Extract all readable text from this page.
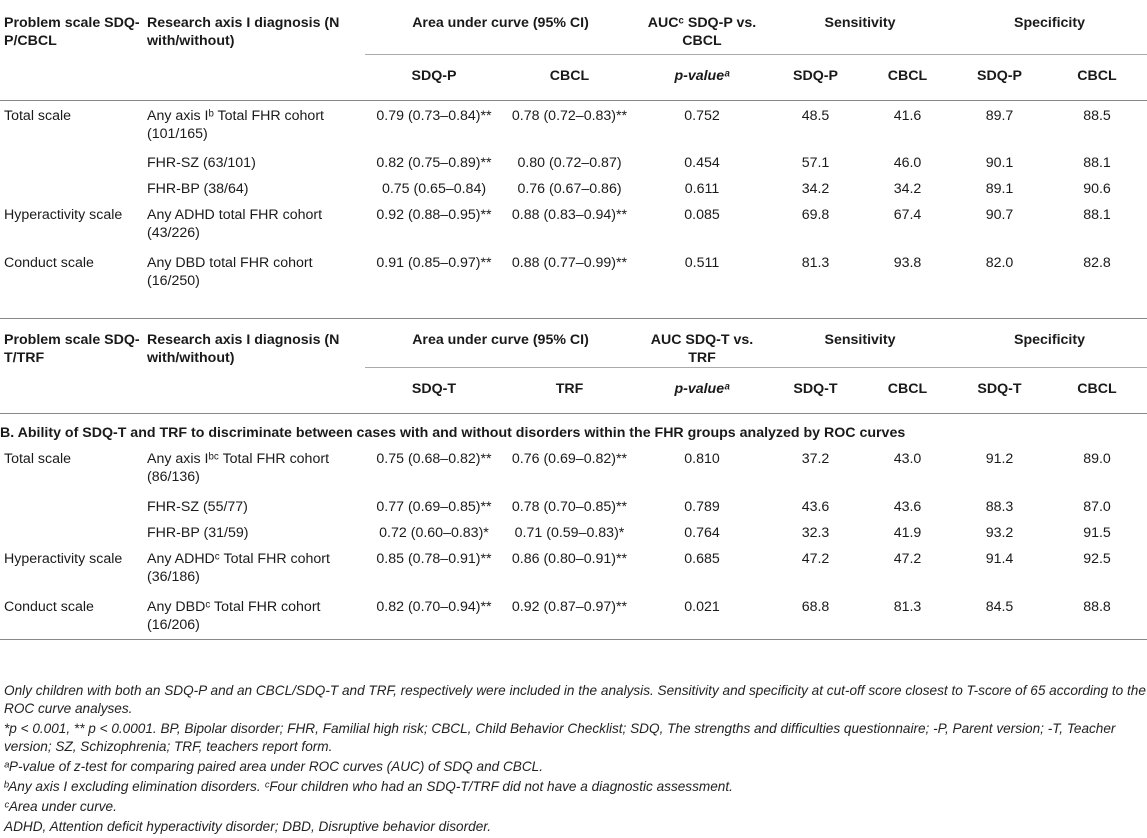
Problem scale SDQ-P/CBCL	Research axis I diagnosis (N with/without)	Area under curve (95% CI)		AUCᶜ SDQ-P vs. CBCL	Sensitivity		Specificity	
		SDQ-P	CBCL	p-valueᵃ	SDQ-P	CBCL	SDQ-P	CBCL
Total scale	Any axis Iᵇ Total FHR cohort (101/165)	0.79 (0.73–0.84)**	0.78 (0.72–0.83)**	0.752	48.5	41.6	89.7	88.5
	FHR-SZ (63/101)	0.82 (0.75–0.89)**	0.80 (0.72–0.87)	0.454	57.1	46.0	90.1	88.1
	FHR-BP (38/64)	0.75 (0.65–0.84)	0.76 (0.67–0.86)	0.611	34.2	34.2	89.1	90.6
Hyperactivity scale	Any ADHD total FHR cohort (43/226)	0.92 (0.88–0.95)**	0.88 (0.83–0.94)**	0.085	69.8	67.4	90.7	88.1
Conduct scale	Any DBD total FHR cohort (16/250)	0.91 (0.85–0.97)**	0.88 (0.77–0.99)**	0.511	81.3	93.8	82.0	82.8
Problem scale SDQ-T/TRF	Research axis I diagnosis (N with/without)	Area under curve (95% CI)		AUC SDQ-T vs. TRF	Sensitivity		Specificity	
		SDQ-T	TRF	p-valueᵃ	SDQ-T	CBCL	SDQ-T	CBCL
B. Ability of SDQ-T and TRF to discriminate between cases with and without disorders within the FHR groups analyzed by ROC curves								
Total scale	Any axis Iᵇᶜ Total FHR cohort (86/136)	0.75 (0.68–0.82)**	0.76 (0.69–0.82)**	0.810	37.2	43.0	91.2	89.0
	FHR-SZ (55/77)	0.77 (0.69–0.85)**	0.78 (0.70–0.85)**	0.789	43.6	43.6	88.3	87.0
	FHR-BP (31/59)	0.72 (0.60–0.83)*	0.71 (0.59–0.83)*	0.764	32.3	41.9	93.2	91.5
Hyperactivity scale	Any ADHDᶜ Total FHR cohort (36/186)	0.85 (0.78–0.91)**	0.86 (0.80–0.91)**	0.685	47.2	47.2	91.4	92.5
Conduct scale	Any DBDᶜ Total FHR cohort (16/206)	0.82 (0.70–0.94)**	0.92 (0.87–0.97)**	0.021	68.8	81.3	84.5	88.8

Only children with both an SDQ-P and an CBCL/SDQ-T and TRF, respectively were included in the analysis. Sensitivity and specificity at cut-off score closest to T-score of 65 according to the ROC curve analyses.

*p < 0.001, ** p < 0.0001. BP, Bipolar disorder; FHR, Familial high risk; CBCL, Child Behavior Checklist; SDQ, The strengths and difficulties questionnaire; -P, Parent version; -T, Teacher version; SZ, Schizophrenia; TRF, teachers report form.

ᵃP-value of z-test for comparing paired area under ROC curves (AUC) of SDQ and CBCL.

ᵇAny axis I excluding elimination disorders. ᶜFour children who had an SDQ-T/TRF did not have a diagnostic assessment.

ᶜArea under curve.

ADHD, Attention deficit hyperactivity disorder; DBD, Disruptive behavior disorder.
